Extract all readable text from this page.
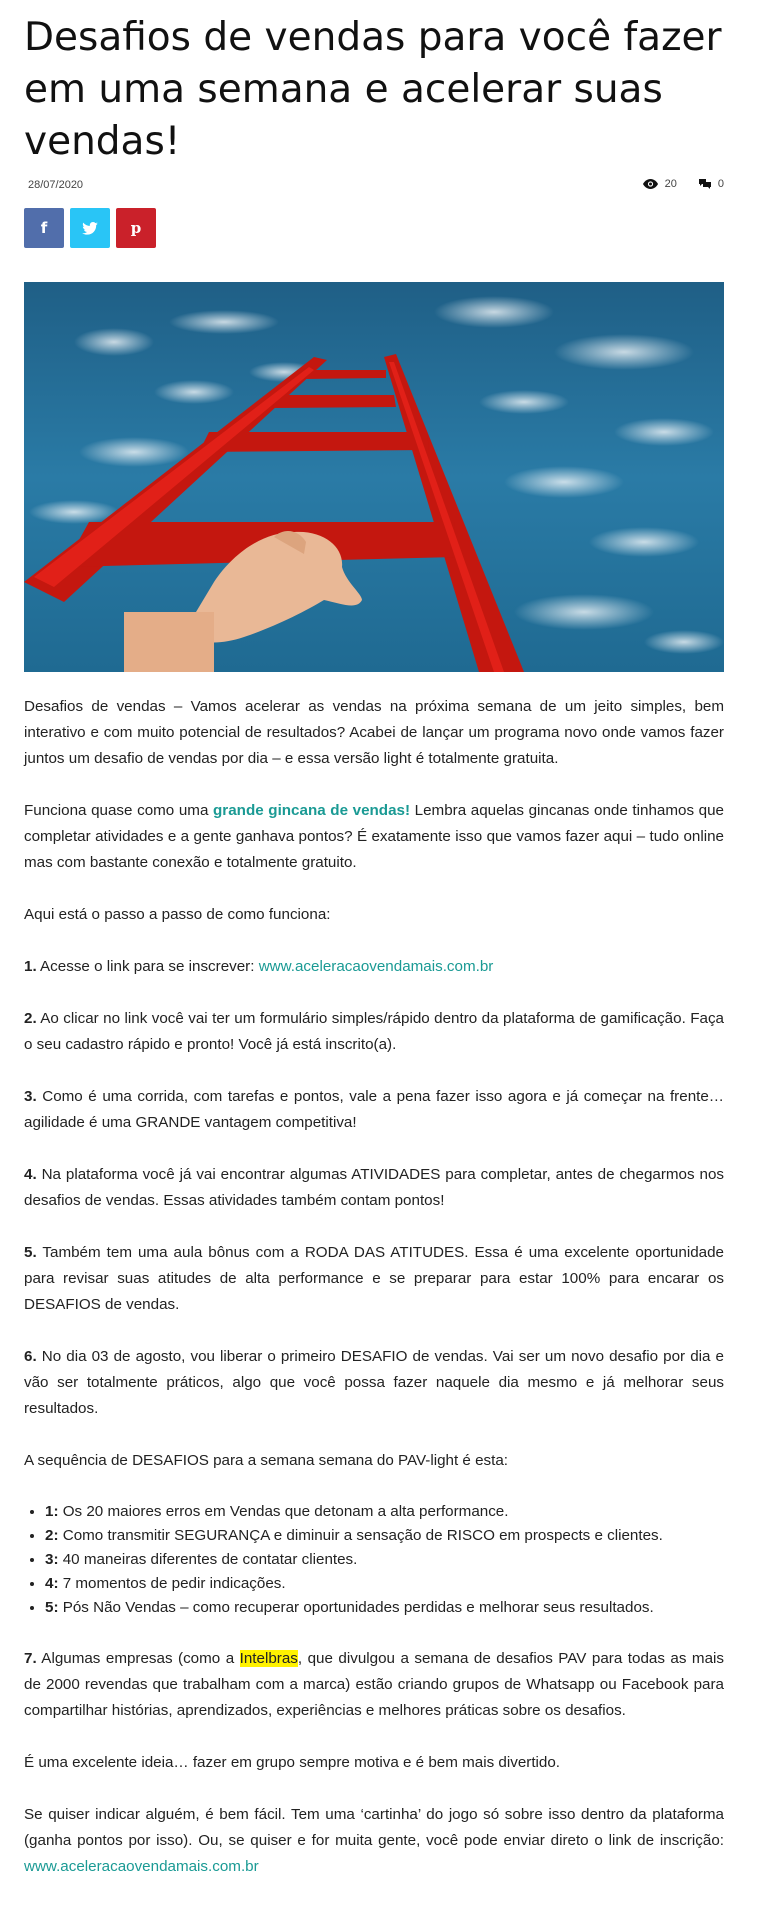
Desafios de vendas para você fazer em uma semana e acelerar suas vendas!
28/07/2020	20	0
f	p

Desafios de vendas – Vamos acelerar as vendas na próxima semana de um jeito simples, bem interativo e com muito potencial de resultados? Acabei de lançar um programa novo onde vamos fazer juntos um desafio de vendas por dia – e essa versão light é totalmente gratuita.

Funciona quase como uma grande gincana de vendas! Lembra aquelas gincanas onde tinhamos que completar atividades e a gente ganhava pontos? É exatamente isso que vamos fazer aqui – tudo online mas com bastante conexão e totalmente gratuito.

Aqui está o passo a passo de como funciona:

1. Acesse o link para se inscrever: www.aceleracaovendamais.com.br

2. Ao clicar no link você vai ter um formulário simples/rápido dentro da plataforma de gamificação. Faça o seu cadastro rápido e pronto! Você já está inscrito(a).

3. Como é uma corrida, com tarefas e pontos, vale a pena fazer isso agora e já começar na frente… agilidade é uma GRANDE vantagem competitiva!

4. Na plataforma você já vai encontrar algumas ATIVIDADES para completar, antes de chegarmos nos desafios de vendas. Essas atividades também contam pontos!

5. Também tem uma aula bônus com a RODA DAS ATITUDES. Essa é uma excelente oportunidade para revisar suas atitudes de alta performance e se preparar para estar 100% para encarar os DESAFIOS de vendas.

6. No dia 03 de agosto, vou liberar o primeiro DESAFIO de vendas. Vai ser um novo desafio por dia e vão ser totalmente práticos, algo que você possa fazer naquele dia mesmo e já melhorar seus resultados.

A sequência de DESAFIOS para a semana semana do PAV-light é esta:

• 1: Os 20 maiores erros em Vendas que detonam a alta performance.
• 2: Como transmitir SEGURANÇA e diminuir a sensação de RISCO em prospects e clientes.
• 3: 40 maneiras diferentes de contatar clientes.
• 4: 7 momentos de pedir indicações.
• 5: Pós Não Vendas – como recuperar oportunidades perdidas e melhorar seus resultados.

7. Algumas empresas (como a Intelbras, que divulgou a semana de desafios PAV para todas as mais de 2000 revendas que trabalham com a marca) estão criando grupos de Whatsapp ou Facebook para compartilhar histórias, aprendizados, experiências e melhores práticas sobre os desafios.

É uma excelente ideia… fazer em grupo sempre motiva e é bem mais divertido.

Se quiser indicar alguém, é bem fácil. Tem uma ‘cartinha’ do jogo só sobre isso dentro da plataforma (ganha pontos por isso). Ou, se quiser e for muita gente, você pode enviar direto o link de inscrição: www.aceleracaovendamais.com.br
